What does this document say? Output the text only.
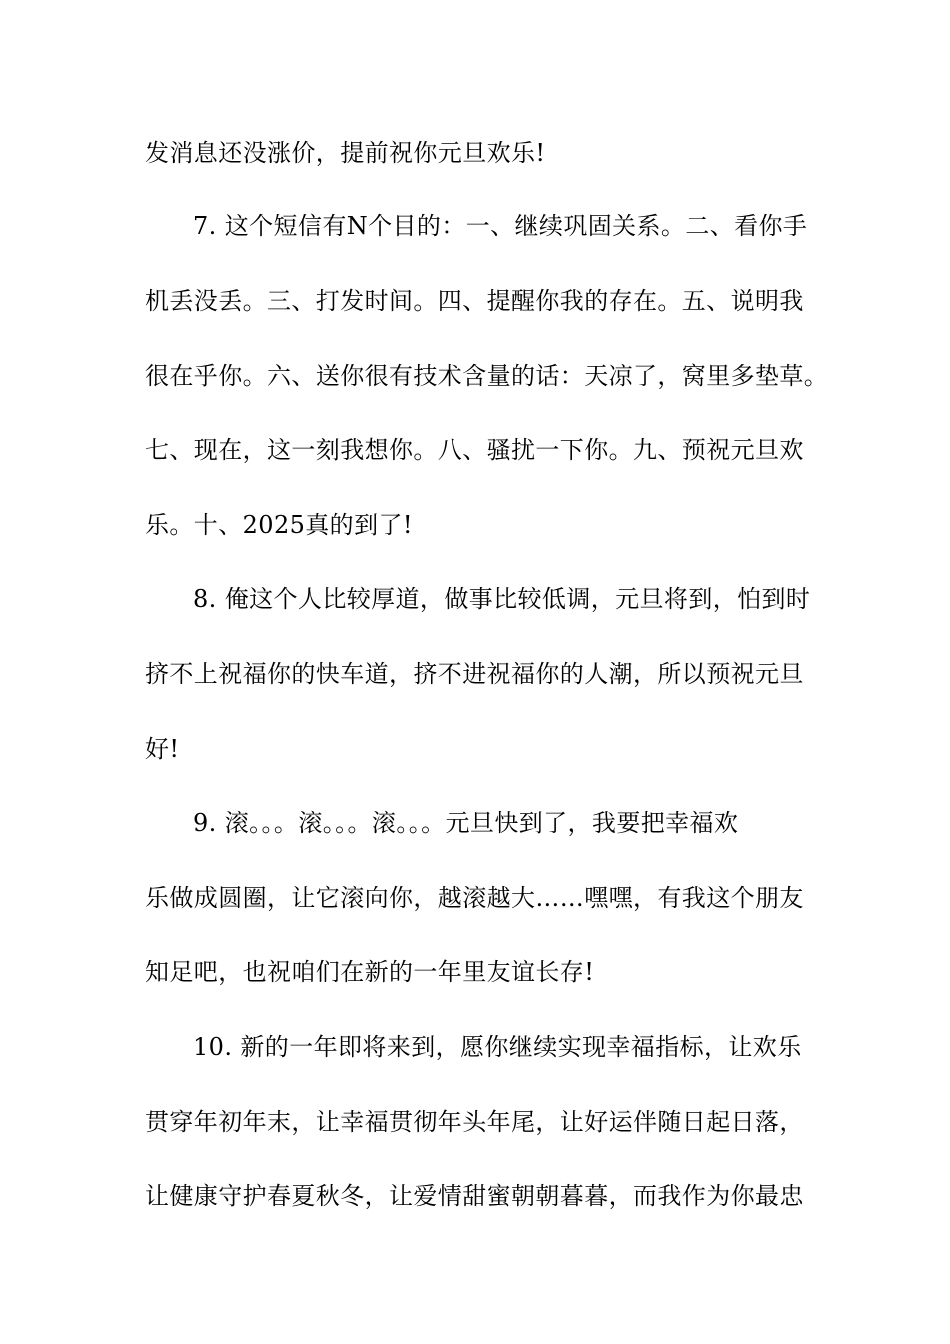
发消息还没涨价，提前祝你元旦欢乐!
7. 这个短信有N个目的：一、继续巩固关系。二、看你手
机丢没丢。三、打发时间。四、提醒你我的存在。五、说明我
很在乎你。六、送你很有技术含量的话：天凉了，窝里多垫草。
七、现在，这一刻我想你。八、骚扰一下你。九、预祝元旦欢
乐。十、2025真的到了!
8. 俺这个人比较厚道，做事比较低调，元旦将到，怕到时
挤不上祝福你的快车道，挤不进祝福你的人潮，所以预祝元旦
好!
9. 滚。。。滚。。。滚。。。元旦快到了，我要把幸福欢
乐做成圆圈，让它滚向你，越滚越大……嘿嘿，有我这个朋友
知足吧，也祝咱们在新的一年里友谊长存!
10. 新的一年即将来到，愿你继续实现幸福指标，让欢乐
贯穿年初年末，让幸福贯彻年头年尾，让好运伴随日起日落，
让健康守护春夏秋冬，让爱情甜蜜朝朝暮暮，而我作为你最忠
